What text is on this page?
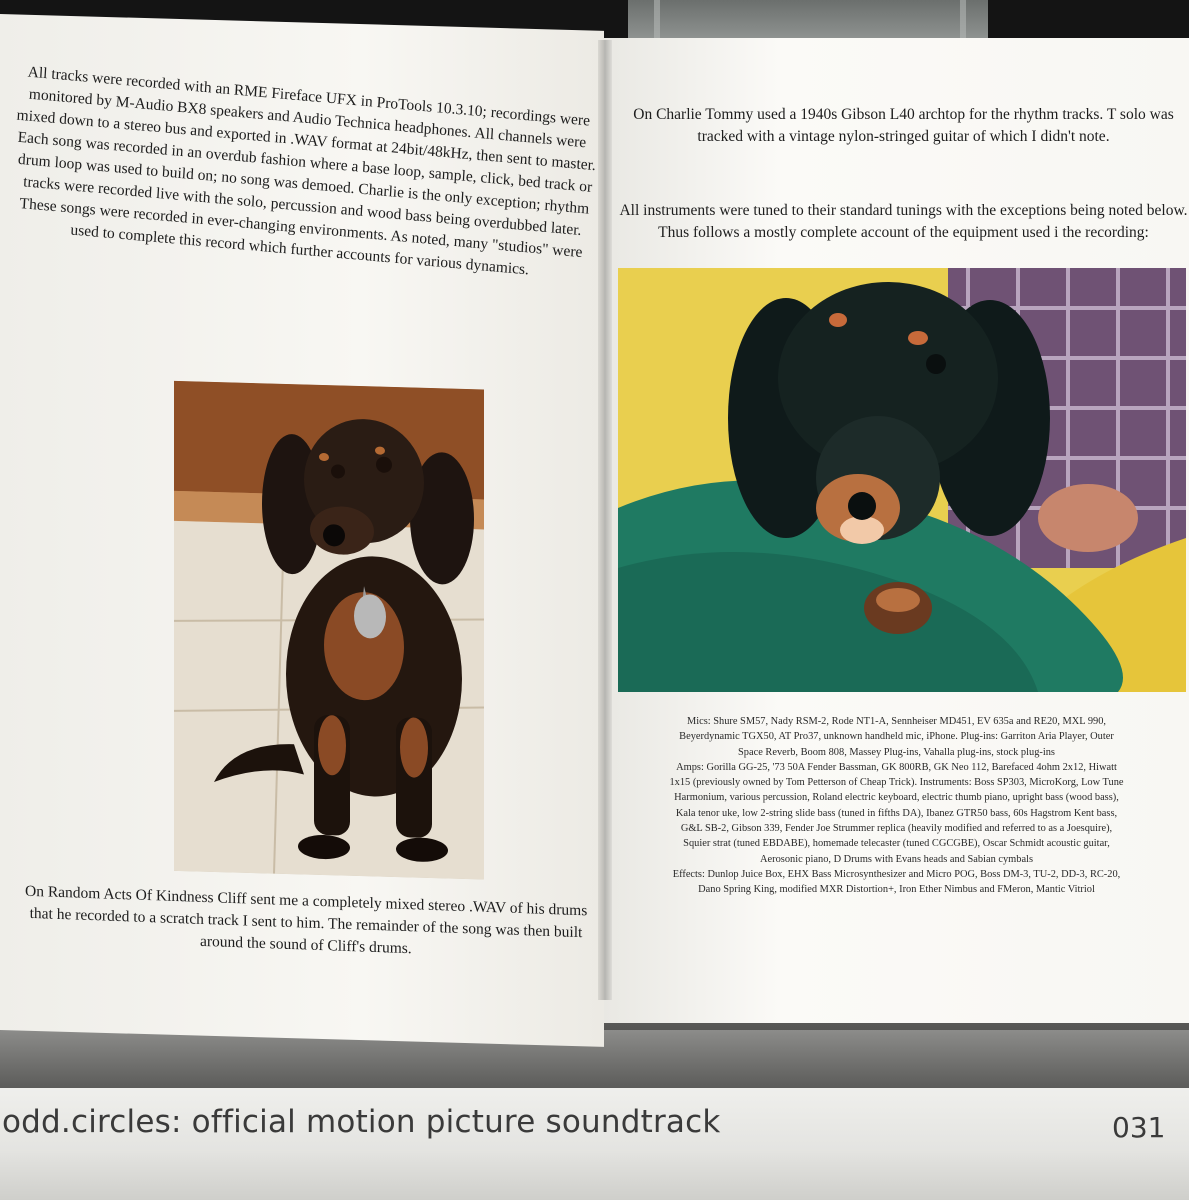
odd.circles: official motion picture soundtrack	031
All tracks were recorded with an RME Fireface UFX in ProTools 10.3.10; recordings were monitored by M-Audio BX8 speakers and Audio Technica headphones. All channels were mixed down to a stereo bus and exported in .WAV format at 24bit/48kHz, then sent to master. Each song was recorded in an overdub fashion where a base loop, sample, click, bed track or drum loop was used to build on; no song was demoed. Charlie is the only exception; rhythm tracks were recorded live with the solo, percussion and wood bass being overdubbed later. These songs were recorded in ever-changing environments. As noted, many "studios" were used to complete this record which further accounts for various dynamics.
On Random Acts Of Kindness Cliff sent me a completely mixed stereo .WAV of his drums that he recorded to a scratch track I sent to him. The remainder of the song was then built around the sound of Cliff's drums.
On Charlie Tommy used a 1940s Gibson L40 archtop for the rhythm tracks. T solo was tracked with a vintage nylon-stringed guitar of which I didn't note.
All instruments were tuned to their standard tunings with the exceptions being noted below. Thus follows a mostly complete account of the equipment used i the recording:
Mics: Shure SM57, Nady RSM-2, Rode NT1-A, Sennheiser MD451, EV 635a and RE20, MXL 990,
Beyerdynamic TGX50, AT Pro37, unknown handheld mic, iPhone. Plug-ins: Garriton Aria Player, Outer
Space Reverb, Boom 808, Massey Plug-ins, Vahalla plug-ins, stock plug-ins
Amps: Gorilla GG-25, '73 50A Fender Bassman, GK 800RB, GK Neo 112, Barefaced 4ohm 2x12, Hiwatt
1x15 (previously owned by Tom Petterson of Cheap Trick). Instruments: Boss SP303, MicroKorg, Low Tune
Harmonium, various percussion, Roland electric keyboard, electric thumb piano, upright bass (wood bass),
Kala tenor uke, low 2-string slide bass (tuned in fifths DA), Ibanez GTR50 bass, 60s Hagstrom Kent bass,
G&L SB-2, Gibson 339, Fender Joe Strummer replica (heavily modified and referred to as a Joesquire),
Squier strat (tuned EBDABE), homemade telecaster (tuned CGCGBE), Oscar Schmidt acoustic guitar,
Aerosonic piano, D Drums with Evans heads and Sabian cymbals
Effects: Dunlop Juice Box, EHX Bass Microsynthesizer and Micro POG, Boss DM-3, TU-2, DD-3, RC-20,
Dano Spring King, modified MXR Distortion+, Iron Ether Nimbus and FMeron, Mantic Vitriol
